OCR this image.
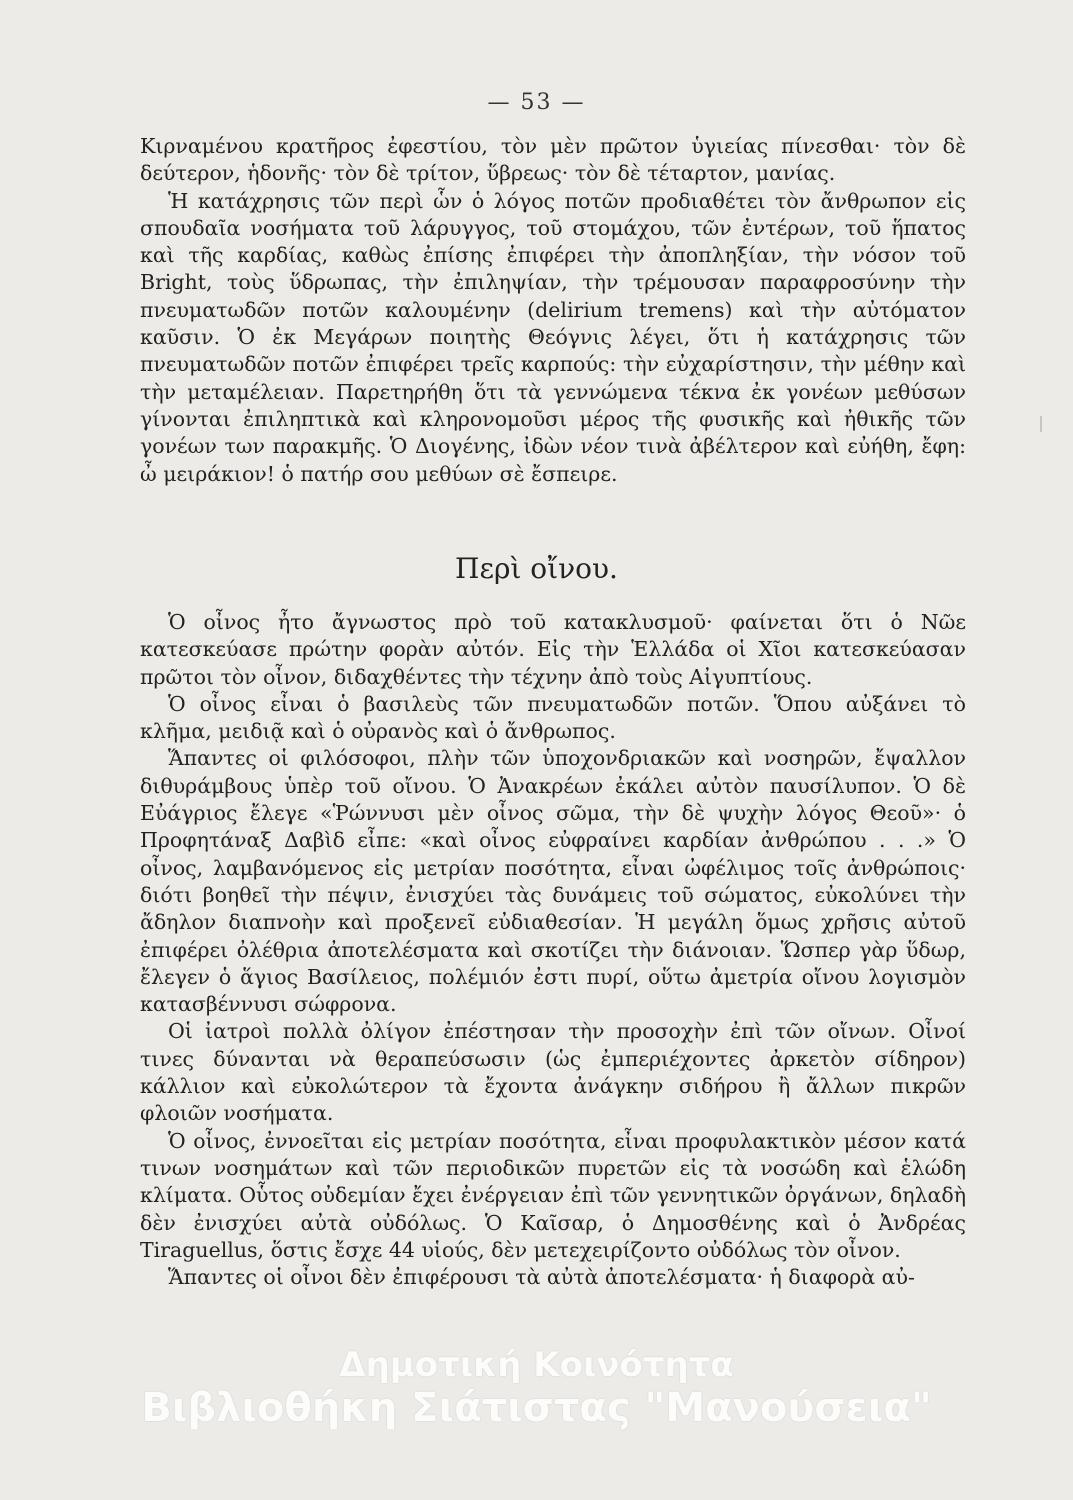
— 53 —

Κιρναμένου κρατῆρος ἐφεστίου, τὸν μὲν πρῶτον ὑγιείας πίνεσθαι· τὸν δὲ δεύτερον, ἡδονῆς· τὸν δὲ τρίτον, ὕβρεως· τὸν δὲ τέταρτον, μανίας.

Ἡ κατάχρησις τῶν περὶ ὧν ὁ λόγος ποτῶν προδιαθέτει τὸν ἄνθρωπον εἰς σπουδαῖα νοσήματα τοῦ λάρυγγος, τοῦ στομάχου, τῶν ἐντέρων, τοῦ ἥπατος καὶ τῆς καρδίας, καθὼς ἐπίσης ἐπιφέρει τὴν ἀποπληξίαν, τὴν νόσον τοῦ Bright, τοὺς ὕδρωπας, τὴν ἐπιληψίαν, τὴν τρέμουσαν παραφροσύνην τὴν πνευματωδῶν ποτῶν καλουμένην (delirium tremens) καὶ τὴν αὐτόματον καῦσιν. Ὁ ἐκ Μεγάρων ποιητὴς Θεόγνις λέγει, ὅτι ἡ κατάχρησις τῶν πνευματωδῶν ποτῶν ἐπιφέρει τρεῖς καρπούς: τὴν εὐχαρίστησιν, τὴν μέθην καὶ τὴν μεταμέλειαν. Παρετηρήθη ὅτι τὰ γεννώμενα τέκνα ἐκ γονέων μεθύσων γίνονται ἐπιληπτικὰ καὶ κληρονομοῦσι μέρος τῆς φυσικῆς καὶ ἠθικῆς τῶν γονέων των παρακμῆς. Ὁ Διογένης, ἰδὼν νέον τινὰ ἀβέλτερον καὶ εὐήθη, ἔφη: ὦ μειράκιον! ὁ πατήρ σου μεθύων σὲ ἔσπειρε.

Περὶ οἴνου.

Ὁ οἶνος ἦτο ἄγνωστος πρὸ τοῦ κατακλυσμοῦ· φαίνεται ὅτι ὁ Νῶε κατεσκεύασε πρώτην φορὰν αὐτόν. Εἰς τὴν Ἑλλάδα οἱ Χῖοι κατεσκεύασαν πρῶτοι τὸν οἶνον, διδαχθέντες τὴν τέχνην ἀπὸ τοὺς Αἰγυπτίους.

Ὁ οἶνος εἶναι ὁ βασιλεὺς τῶν πνευματωδῶν ποτῶν. Ὅπου αὐξάνει τὸ κλῆμα, μειδιᾷ καὶ ὁ οὐρανὸς καὶ ὁ ἄνθρωπος.

Ἅπαντες οἱ φιλόσοφοι, πλὴν τῶν ὑποχονδριακῶν καὶ νοσηρῶν, ἔψαλλον διθυράμβους ὑπὲρ τοῦ οἴνου. Ὁ Ἀνακρέων ἐκάλει αὐτὸν παυσίλυπον. Ὁ δὲ Εὐάγριος ἔλεγε «Ῥώννυσι μὲν οἶνος σῶμα, τὴν δὲ ψυχὴν λόγος Θεοῦ»· ὁ Προφητάναξ Δαβὶδ εἶπε: «καὶ οἶνος εὐφραίνει καρδίαν ἀνθρώπου . . .» Ὁ οἶνος, λαμβανόμενος εἰς μετρίαν ποσότητα, εἶναι ὠφέλιμος τοῖς ἀνθρώποις· διότι βοηθεῖ τὴν πέψιν, ἐνισχύει τὰς δυνάμεις τοῦ σώματος, εὐκολύνει τὴν ἄδηλον διαπνοὴν καὶ προξενεῖ εὐδιαθεσίαν. Ἡ μεγάλη ὅμως χρῆσις αὐτοῦ ἐπιφέρει ὀλέθρια ἀποτελέσματα καὶ σκοτίζει τὴν διάνοιαν. Ὥσπερ γὰρ ὕδωρ, ἔλεγεν ὁ ἅγιος Βασίλειος, πολέμιόν ἐστι πυρί, οὕτω ἀμετρία οἴνου λογισμὸν κατασβέννυσι σώφρονα.

Οἱ ἰατροὶ πολλὰ ὀλίγον ἐπέστησαν τὴν προσοχὴν ἐπὶ τῶν οἴνων. Οἶνοί τινες δύνανται νὰ θεραπεύσωσιν (ὡς ἐμπεριέχοντες ἀρκετὸν σίδηρον) κάλλιον καὶ εὐκολώτερον τὰ ἔχοντα ἀνάγκην σιδήρου ἢ ἄλλων πικρῶν φλοιῶν νοσήματα.

Ὁ οἶνος, ἐννοεῖται εἰς μετρίαν ποσότητα, εἶναι προφυλακτικὸν μέσον κατά τινων νοσημάτων καὶ τῶν περιοδικῶν πυρετῶν εἰς τὰ νοσώδη καὶ ἑλώδη κλίματα. Οὗτος οὐδεμίαν ἔχει ἐνέργειαν ἐπὶ τῶν γεννητικῶν ὀργάνων, δηλαδὴ δὲν ἐνισχύει αὐτὰ οὐδόλως. Ὁ Καῖσαρ, ὁ Δημοσθένης καὶ ὁ Ἀνδρέας Tiraguellus, ὅστις ἔσχε 44 υἱούς, δὲν μετεχειρίζοντο οὐδόλως τὸν οἶνον.

Ἅπαντες οἱ οἶνοι δὲν ἐπιφέρουσι τὰ αὐτὰ ἀποτελέσματα· ἡ διαφορὰ αὐ-

Δημοτική Κοινότητα
Βιβλιοθήκη Σιάτιστας "Μανούσεια"
